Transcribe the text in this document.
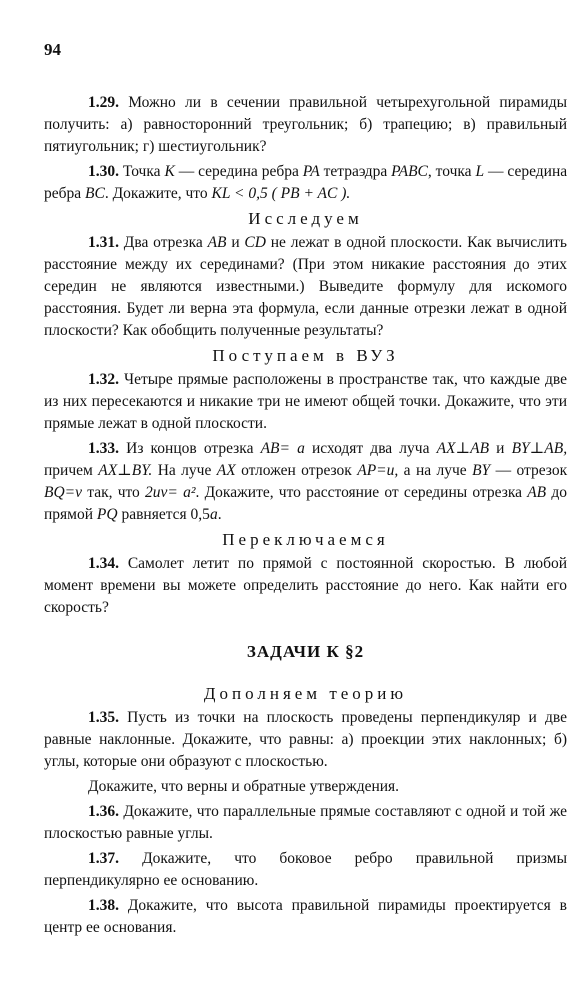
94

1.29. Можно ли в сечении правильной четырехугольной пирамиды получить: а) равносторонний треугольник; б) трапецию; в) правильный пятиугольник; г) шестиугольник?

1.30. Точка K — середина ребра PA тетраэдра PABC, точка L — середина ребра BC. Докажите, что KL < 0,5 ( PB + AC ).

Исследуем

1.31. Два отрезка AB и CD не лежат в одной плоскости. Как вычислить расстояние между их серединами? (При этом никакие расстояния до этих середин не являются известными.) Выведите формулу для искомого расстояния. Будет ли верна эта формула, если данные отрезки лежат в одной плоскости? Как обобщить полученные результаты?

Поступаем в ВУЗ

1.32. Четыре прямые расположены в пространстве так, что каждые две из них пересекаются и никакие три не имеют общей точки. Докажите, что эти прямые лежат в одной плоскости.

1.33. Из концов отрезка AB= a исходят два луча AX⊥AB и BY⊥AB, причем AX⊥BY. На луче AX отложен отрезок AP=u, а на луче BY — отрезок BQ=v так, что 2uv= a². Докажите, что расстояние от середины отрезка AB до прямой PQ равняется 0,5a.

Переключаемся

1.34. Самолет летит по прямой с постоянной скоростью. В любой момент времени вы можете определить расстояние до него. Как найти его скорость?

ЗАДАЧИ К §2
Дополняем теорию

1.35. Пусть из точки на плоскость проведены перпендикуляр и две равные наклонные. Докажите, что равны: а) проекции этих наклонных; б) углы, которые они образуют с плоскостью.

Докажите, что верны и обратные утверждения.

1.36. Докажите, что параллельные прямые составляют с одной и той же плоскостью равные углы.

1.37. Докажите, что боковое ребро правильной призмы перпендикулярно ее основанию.

1.38. Докажите, что высота правильной пирамиды проектируется в центр ее основания.
